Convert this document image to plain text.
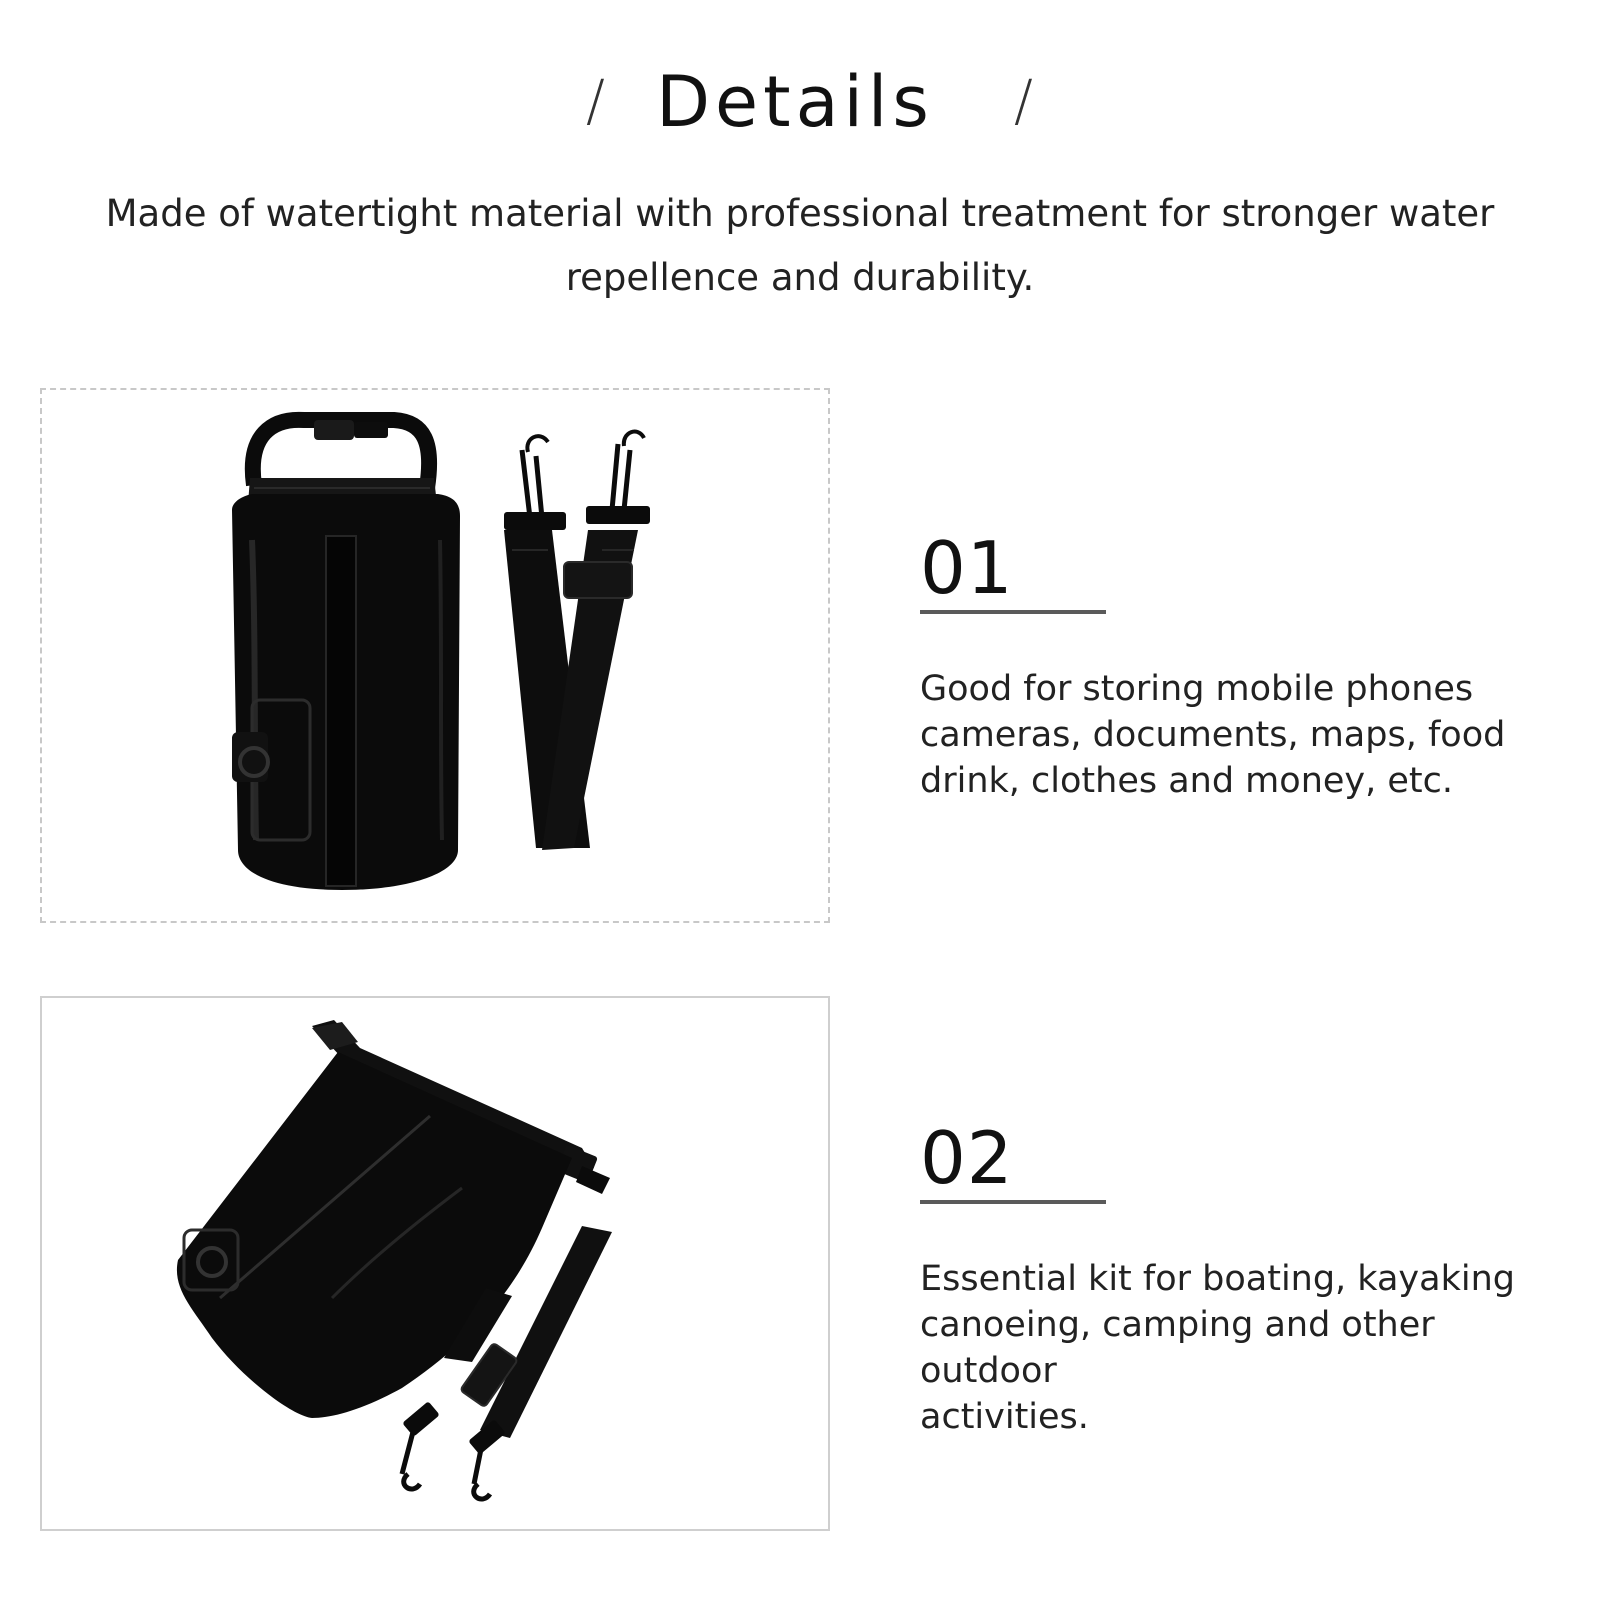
/ Details /
Made of watertight material with professional treatment for stronger water repellence and durability.
01
Good for storing mobile phones
cameras, documents, maps, food
drink, clothes and money, etc.
02
Essential kit for boating, kayaking
canoeing, camping and other outdoor
activities.
